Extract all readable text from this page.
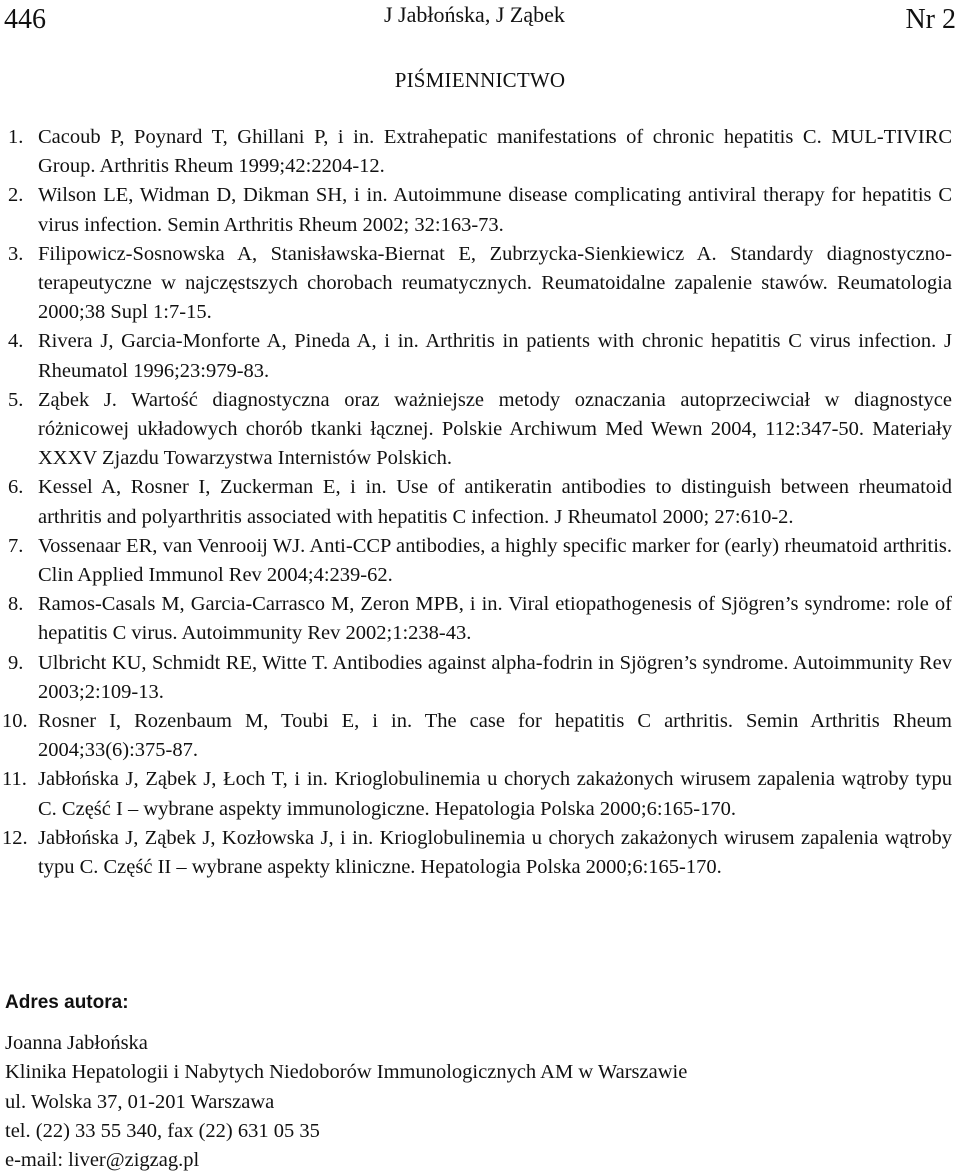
446	J Jabłońska, J Ząbek	Nr 2
PIŚMIENNICTWO
1. Cacoub P, Poynard T, Ghillani P, i in. Extrahepatic manifestations of chronic hepatitis C. MUL-TIVIRC Group. Arthritis Rheum 1999;42:2204-12.
2. Wilson LE, Widman D, Dikman SH, i in. Autoimmune disease complicating antiviral therapy for hepatitis C virus infection. Semin Arthritis Rheum 2002; 32:163-73.
3. Filipowicz-Sosnowska A, Stanisławska-Biernat E, Zubrzycka-Sienkiewicz A. Standardy diagnostyczno-terapeutyczne w najczęstszych chorobach reumatycznych. Reumatoidalne zapalenie stawów. Reumatologia 2000;38 Supl 1:7-15.
4. Rivera J, Garcia-Monforte A, Pineda A, i in. Arthritis in patients with chronic hepatitis C virus infection. J Rheumatol 1996;23:979-83.
5. Ząbek J. Wartość diagnostyczna oraz ważniejsze metody oznaczania autoprzeciwciał w diagnostyce różnicowej układowych chorób tkanki łącznej. Polskie Archiwum Med Wewn 2004, 112:347-50. Materiały XXXV Zjazdu Towarzystwa Internistów Polskich.
6. Kessel A, Rosner I, Zuckerman E, i in. Use of antikeratin antibodies to distinguish between rheumatoid arthritis and polyarthritis associated with hepatitis C infection. J Rheumatol 2000; 27:610-2.
7. Vossenaar ER, van Venrooij WJ. Anti-CCP antibodies, a highly specific marker for (early) rheumatoid arthritis. Clin Applied Immunol Rev 2004;4:239-62.
8. Ramos-Casals M, Garcia-Carrasco M, Zeron MPB, i in. Viral etiopathogenesis of Sjögren’s syndrome: role of hepatitis C virus. Autoimmunity Rev 2002;1:238-43.
9. Ulbricht KU, Schmidt RE, Witte T. Antibodies against alpha-fodrin in Sjögren’s syndrome. Autoimmunity Rev 2003;2:109-13.
10. Rosner I, Rozenbaum M, Toubi E, i in. The case for hepatitis C arthritis. Semin Arthritis Rheum 2004;33(6):375-87.
11. Jabłońska J, Ząbek J, Łoch T, i in. Krioglobulinemia u chorych zakażonych wirusem zapalenia wątroby typu C. Część I – wybrane aspekty immunologiczne. Hepatologia Polska 2000;6:165-170.
12. Jabłońska J, Ząbek J, Kozłowska J, i in. Krioglobulinemia u chorych zakażonych wirusem zapalenia wątroby typu C. Część II – wybrane aspekty kliniczne. Hepatologia Polska 2000;6:165-170.
Adres autora:
Joanna Jabłońska
Klinika Hepatologii i Nabytych Niedoborów Immunologicznych AM w Warszawie
ul. Wolska 37, 01-201 Warszawa
tel. (22) 33 55 340, fax (22) 631 05 35
e-mail: liver@zigzag.pl
